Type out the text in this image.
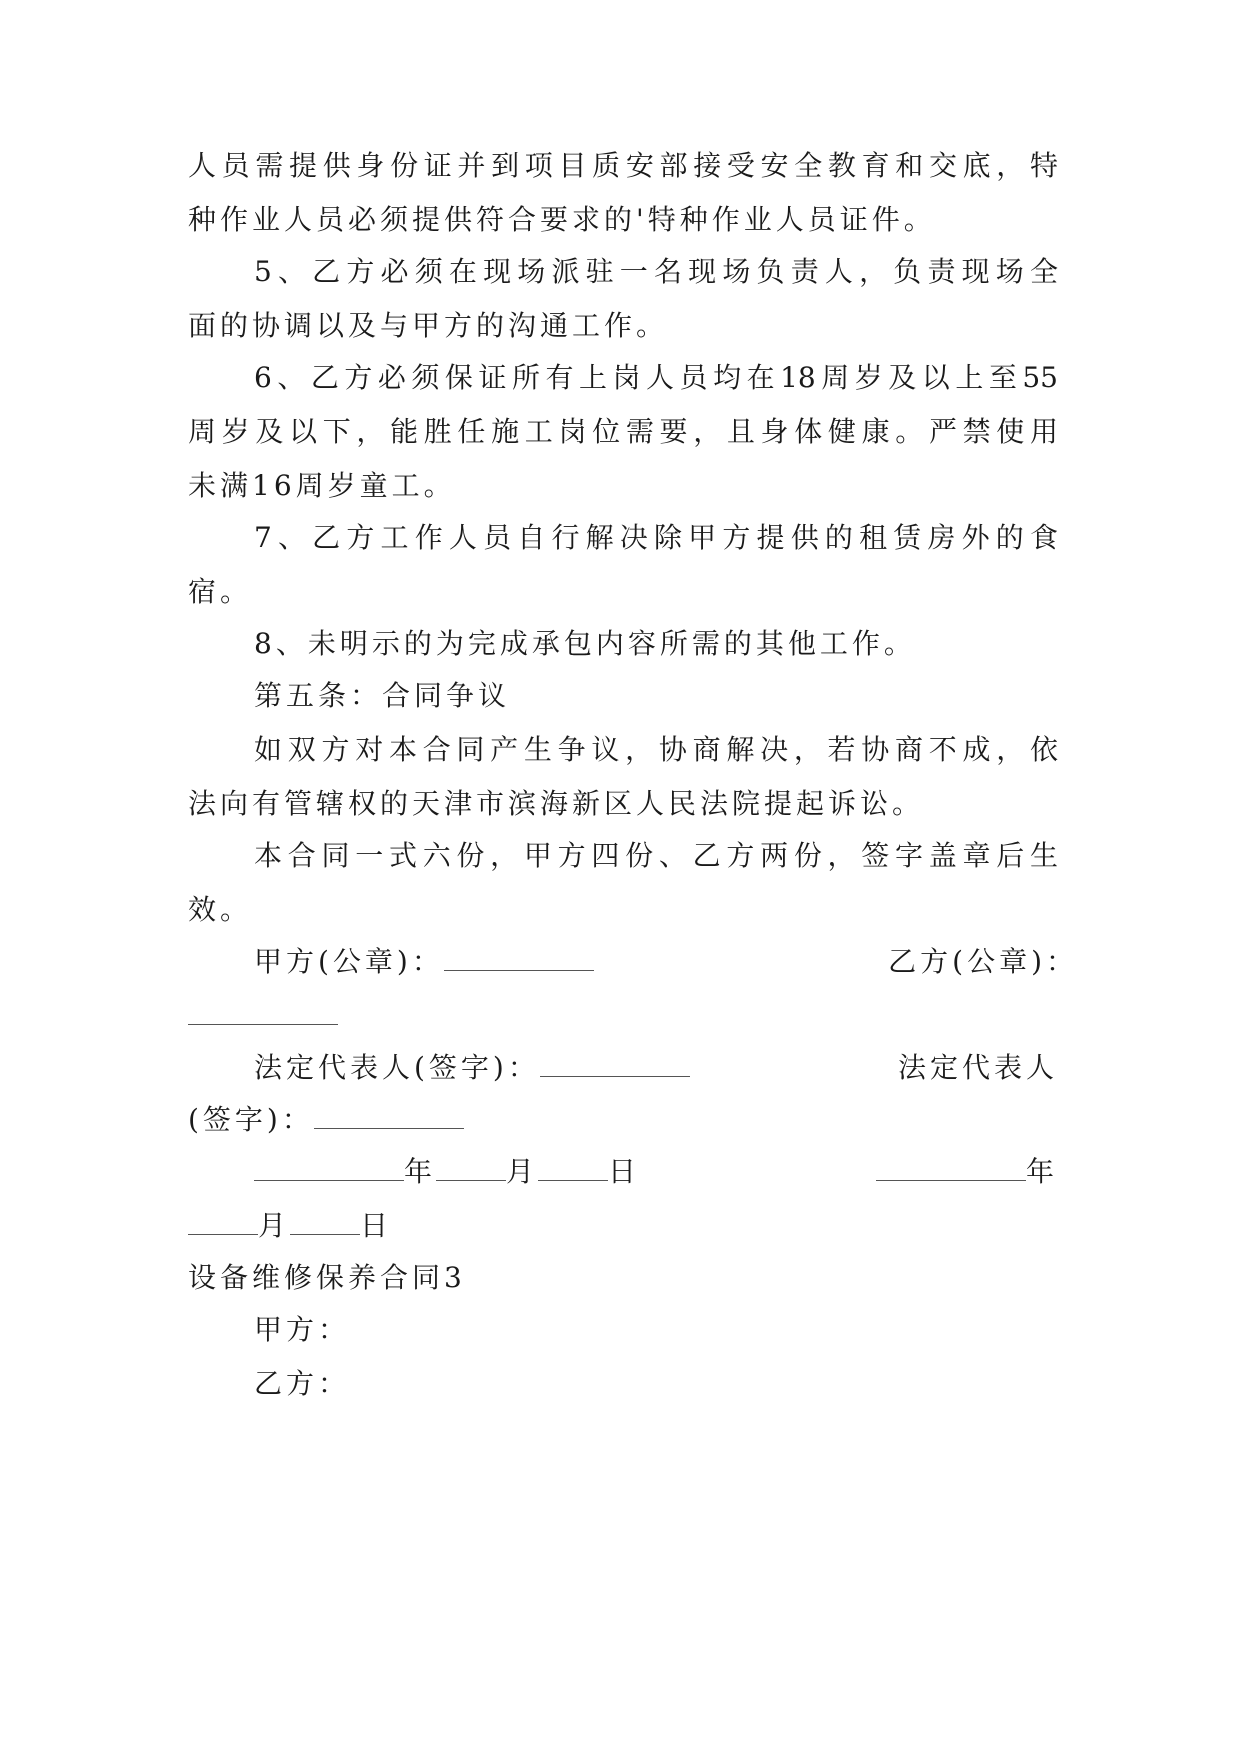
人员需提供身份证并到项目质安部接受安全教育和交底，特
种作业人员必须提供符合要求的'特种作业人员证件。
5、乙方必须在现场派驻一名现场负责人，负责现场全
面的协调以及与甲方的沟通工作。
6、乙方必须保证所有上岗人员均在18周岁及以上至55
周岁及以下，能胜任施工岗位需要，且身体健康。严禁使用
未满16周岁童工。
7、乙方工作人员自行解决除甲方提供的租赁房外的食
宿。
8、未明示的为完成承包内容所需的其他工作。
第五条：合同争议
如双方对本合同产生争议，协商解决，若协商不成，依
法向有管辖权的天津市滨海新区人民法院提起诉讼。
本合同一式六份，甲方四份、乙方两份，签字盖章后生
效。
甲方(公章)：	乙方(公章)：
法定代表人(签字)：	法定代表人
(签字)：
年	月	日	年
月	日
设备维修保养合同3
甲方：
乙方：
